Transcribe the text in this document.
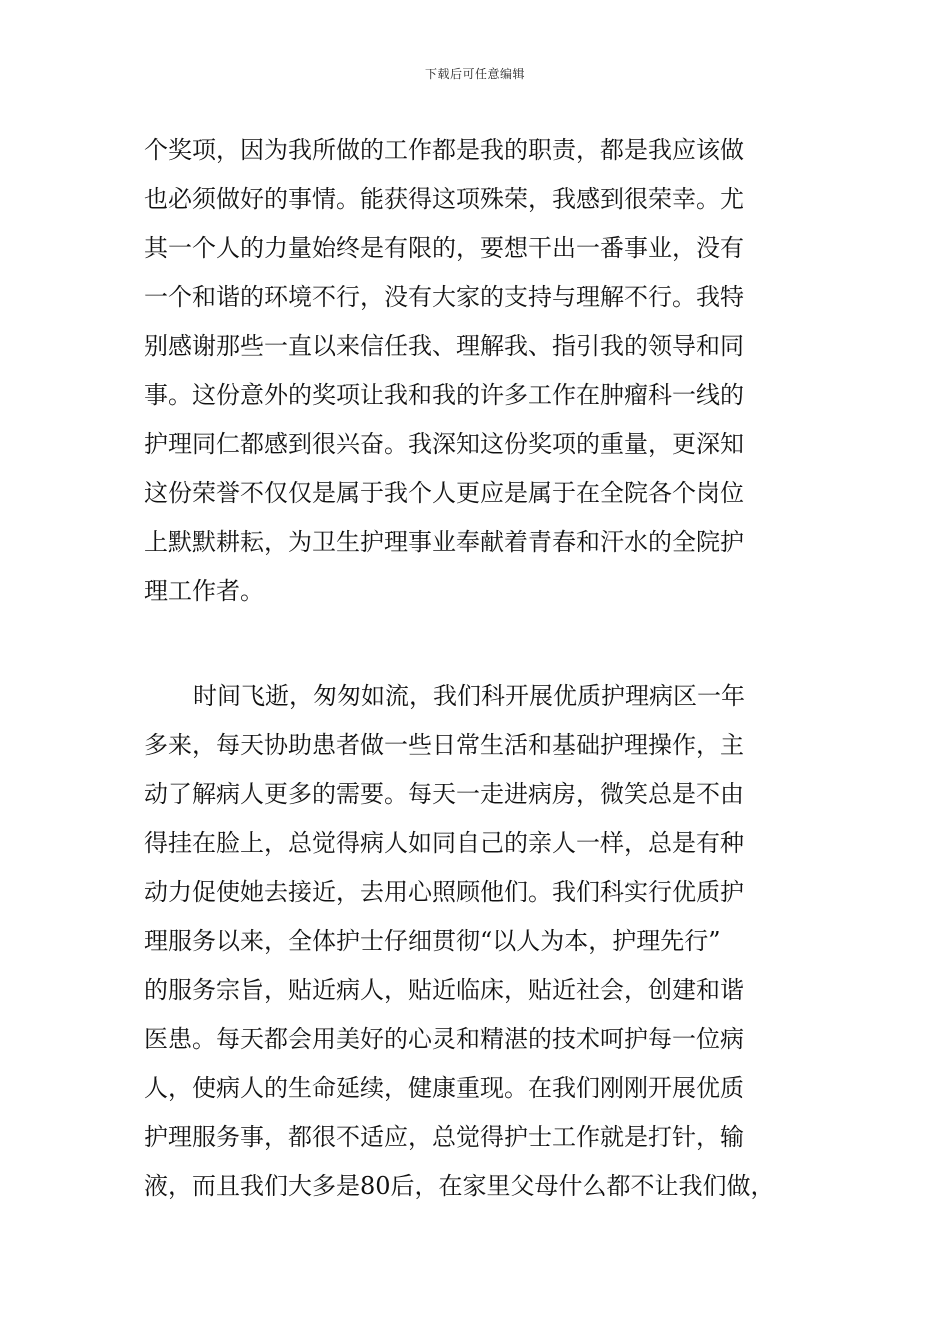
下载后可任意编辑
个奖项，因为我所做的工作都是我的职责，都是我应该做
也必须做好的事情。能获得这项殊荣，我感到很荣幸。尤
其一个人的力量始终是有限的，要想干出一番事业，没有
一个和谐的环境不行，没有大家的支持与理解不行。我特
别感谢那些一直以来信任我、理解我、指引我的领导和同
事。这份意外的奖项让我和我的许多工作在肿瘤科一线的
护理同仁都感到很兴奋。我深知这份奖项的重量，更深知
这份荣誉不仅仅是属于我个人更应是属于在全院各个岗位
上默默耕耘，为卫生护理事业奉献着青春和汗水的全院护
理工作者。
时间飞逝，匆匆如流，我们科开展优质护理病区一年
多来，每天协助患者做一些日常生活和基础护理操作，主
动了解病人更多的需要。每天一走进病房，微笑总是不由
得挂在脸上，总觉得病人如同自己的亲人一样，总是有种
动力促使她去接近，去用心照顾他们。我们科实行优质护
理服务以来，全体护士仔细贯彻“以人为本，护理先行”
的服务宗旨，贴近病人，贴近临床，贴近社会，创建和谐
医患。每天都会用美好的心灵和精湛的技术呵护每一位病
人，使病人的生命延续，健康重现。在我们刚刚开展优质
护理服务事，都很不适应，总觉得护士工作就是打针，输
液，而且我们大多是80后，在家里父母什么都不让我们做，
